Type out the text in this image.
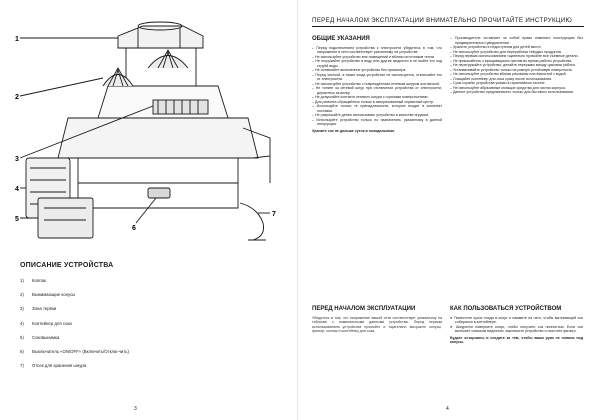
1
2
3
4
5
6
7
ОПИСАНИЕ УСТРОЙСТВА
1) Колпак
2) Выжимающие конусы
3) Зона терёки
4) Контейнер для сока
5) Соковынимка
6) Выключатель «ON/OFF» (Включить/Отклю-чить)
7) Отсек для хранения шнура
3
ПЕРЕД НАЧАЛОМ ЭКСПЛУАТАЦИИ ВНИМАТЕЛЬНО ПРОЧИТАЙТЕ ИНСТРУКЦИЮ
ОБЩИЕ УКАЗАНИЯ

– Перед подключением устройства к электросети убедитесь в том, что напряжение в сети соответствует указанному на устройстве.

– Не используйте устройство вне помещений и вблизи источников тепла.

– Не погружайте устройство в воду или другие жидкости и не мойте его под струёй воды.

– Не оставляйте включенное устройство без присмотра.

– Перед чисткой, а также когда устройство не используется, отключайте его от электросети.

– Не используйте устройство с повреждённым сетевым шнуром или вилкой.

– Не тяните за сетевой шнур при отключении устройства от электросети, держитесь за вилку.

– Не допускайте контакта сетевого шнура с горячими поверхностями.

– Для ремонта обращайтесь только в авторизованный сервисный центр.

– Используйте только те принадлежности, которые входят в комплект поставки.

– Не разрешайте детям использовать устройство в качестве игрушки.

– Используйте устройство только по назначению, указанному в данной инструкции.

Храните сок не дольше суток в холодильнике.

– Производитель оставляет за собой право изменять конструкцию без предварительного уведомления.

– Храните устройство в недоступном для детей месте.

– Не используйте устройство для переработки твёрдых продуктов.

– Перед первым использованием тщательно промойте все съёмные детали.

– Не прикасайтесь к вращающимся частям во время работы устройства.

– Не перегружайте устройство; делайте перерывы между циклами работы.

– Устанавливайте устройство только на ровную устойчивую поверхность.

– Не используйте устройство вблизи раковины или ёмкостей с водой.

– Очищайте контейнер для сока сразу после использования.

– Срок службы устройства указан в гарантийном талоне.

– Не используйте абразивные моющие средства для чистки корпуса.

– Данное устройство предназначено только для бытового использования.

ПЕРЕД НАЧАЛОМ ЭКСПЛУАТАЦИИ

Убедитесь в том, что напряжение вашей сети соответствует указанному на табличке с номинальными данными устройства. Перед первым использованием устройства промойте и тщательно высушите конусы, фильтр, колпак и контейнер для сока.

КАК ПОЛЬЗОВАТЬСЯ УСТРОЙСТВОМ

● Поместите кусок плода в конус и нажмите на него, чтобы вытекающий сок собирался в контейнере.

● Аккуратно поверните конус, чтобы получить сок полностью. Если сок вытекает слишком медленно, выключите устройство и очистите фильтр.

Будьте осторожны и следите за тем, чтобы ваши руки не попали под конусы.

4
